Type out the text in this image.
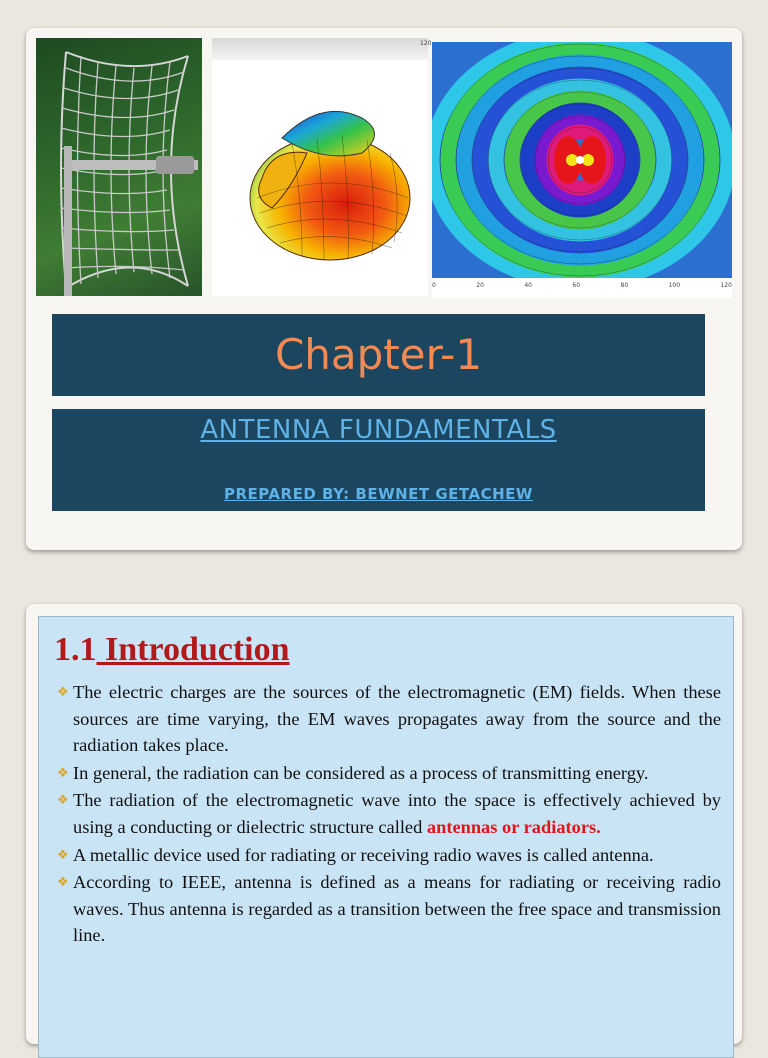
120
0	20	40	60	80	100	120
Chapter-1
ANTENNA FUNDAMENTALS
PREPARED BY: BEWNET GETACHEW
1.1 Introduction
❖ The electric charges are the sources of the electromagnetic (EM) fields. When these sources are time varying, the EM waves propagates away from the source and the radiation takes place.
❖ In general, the radiation can be considered as a process of transmitting energy.
❖ The radiation of the electromagnetic wave into the space is effectively achieved by using a conducting or dielectric structure called antennas or radiators.
❖ A metallic device used for radiating or receiving radio waves is called antenna.
❖ According to IEEE, antenna is defined as a means for radiating or receiving radio waves. Thus antenna is regarded as a transition between the free space and transmission line.
